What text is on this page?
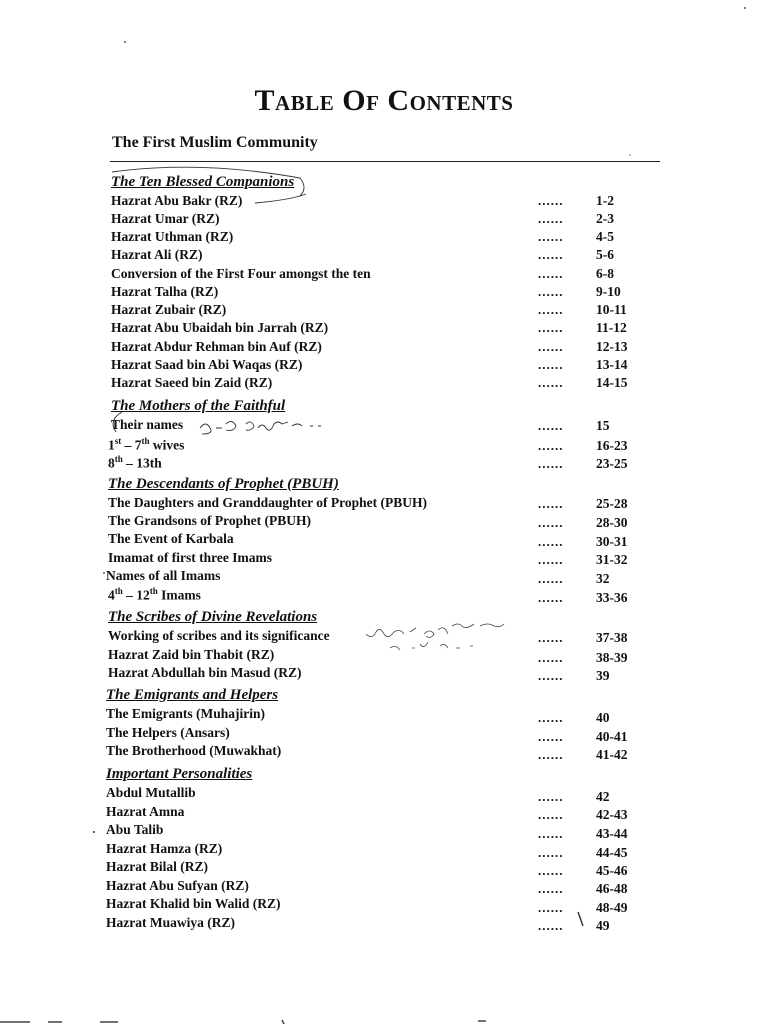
Table Of Contents
The First Muslim Community
The Ten Blessed Companions
Hazrat Abu Bakr (RZ)	...... 1-2
Hazrat Umar (RZ)	...... 2-3
Hazrat Uthman (RZ)	...... 4-5
Hazrat Ali (RZ)	...... 5-6
Conversion of the First Four amongst the ten	...... 6-8
Hazrat Talha (RZ)	...... 9-10
Hazrat Zubair (RZ)	...... 10-11
Hazrat Abu Ubaidah bin Jarrah (RZ)	...... 11-12
Hazrat Abdur Rehman bin Auf (RZ)	...... 12-13
Hazrat Saad bin Abi Waqas (RZ)	...... 13-14
Hazrat Saeed bin Zaid (RZ)	...... 14-15
The Mothers of the Faithful
Their names	...... 15
1st – 7th wives	...... 16-23
8th – 13th	...... 23-25
The Descendants of Prophet (PBUH)
The Daughters and Granddaughter of Prophet (PBUH)	...... 25-28
The Grandsons of Prophet (PBUH)	...... 28-30
The Event of Karbala	...... 30-31
Imamat of first three Imams	...... 31-32
Names of all Imams	...... 32
4th – 12th Imams	...... 33-36
The Scribes of Divine Revelations
Working of scribes and its significance	...... 37-38
Hazrat Zaid bin Thabit (RZ)	...... 38-39
Hazrat Abdullah bin Masud (RZ)	...... 39
The Emigrants and Helpers
The Emigrants (Muhajirin)	...... 40
The Helpers (Ansars)	...... 40-41
The Brotherhood (Muwakhat)	...... 41-42
Important Personalities
Abdul Mutallib	...... 42
Hazrat Amna	...... 42-43
Abu Talib	...... 43-44
Hazrat Hamza (RZ)	...... 44-45
Hazrat Bilal (RZ)	...... 45-46
Hazrat Abu Sufyan (RZ)	...... 46-48
Hazrat Khalid bin Walid (RZ)	...... 48-49
Hazrat Muawiya (RZ)	...... 49
